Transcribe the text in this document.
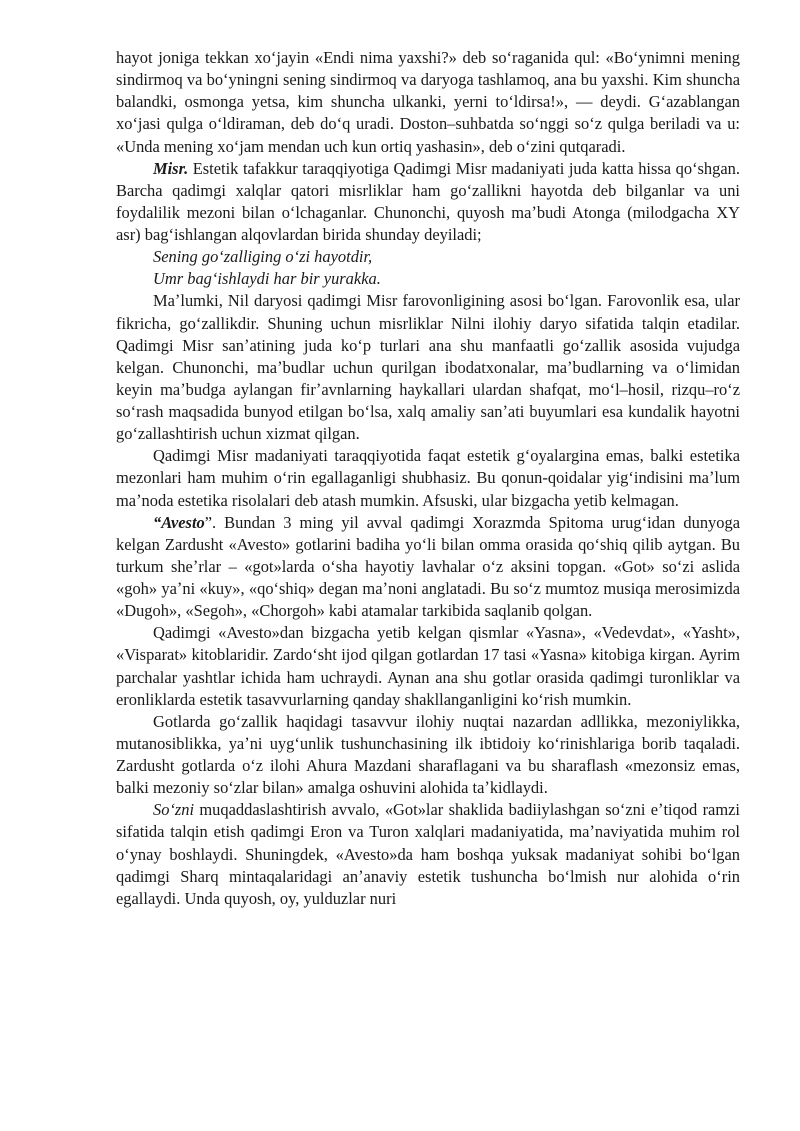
hayot joniga tekkan xoʻjayin «Endi nima yaxshi?» deb soʻraganida qul: «Boʻynimni mening sindirmoq va boʻyningni sening sindirmoq va daryoga tashlamoq, ana bu yaxshi. Kim shuncha balandki, osmonga yetsa, kim shuncha ulkanki, yerni toʻldirsa!», — deydi. Gʻazablangan xoʻjasi qulga oʻldiraman, deb doʻq uradi. Doston–suhbatda soʻnggi soʻz qulga beriladi va u: «Unda mening xoʻjam mendan uch kun ortiq yashasin», deb oʻzini qutqaradi.

Misr. Estetik tafakkur taraqqiyotiga Qadimgi Misr madaniyati juda katta hissa qoʻshgan. Barcha qadimgi xalqlar qatori misrliklar ham goʻzallikni hayotda deb bilganlar va uni foydalilik mezoni bilan oʻlchaganlar. Chunonchi, quyosh maʼbudi Atonga (milodgacha XY asr) bagʻishlangan alqovlardan birida shunday deyiladi;

Sening goʻzalliging oʻzi hayotdir,

Umr bagʻishlaydi har bir yurakka.

Maʼlumki, Nil daryosi qadimgi Misr farovonligining asosi boʻlgan. Farovonlik esa, ular fikricha, goʻzallikdir. Shuning uchun misrliklar Nilni ilohiy daryo sifatida talqin etadilar. Qadimgi Misr sanʼatining juda koʻp turlari ana shu manfaatli goʻzallik asosida vujudga kelgan. Chunonchi, maʼbudlar uchun qurilgan ibodatxonalar, maʼbudlarning va oʻlimidan keyin maʼbudga aylangan firʼavnlarning haykallari ulardan shafqat, moʻl–hosil, rizqu–roʻz soʻrash maqsadida bunyod etilgan boʻlsa, xalq amaliy sanʼati buyumlari esa kundalik hayotni goʻzallashtirish uchun xizmat qilgan.

Qadimgi Misr madaniyati taraqqiyotida faqat estetik gʻoyalargina emas, balki estetika mezonlari ham muhim oʻrin egallaganligi shubhasiz. Bu qonun-qoidalar yigʻindisini maʼlum maʼnoda estetika risolalari deb atash mumkin. Afsuski, ular bizgacha yetib kelmagan.

“Avesto”. Bundan 3 ming yil avval qadimgi Xorazmda Spitoma urugʻidan dunyoga kelgan Zardusht «Avesto» gotlarini badiha yoʻli bilan omma orasida qoʻshiq qilib aytgan. Bu turkum sheʼrlar – «got»larda oʻsha hayotiy lavhalar oʻz aksini topgan. «Got» soʻzi aslida «goh» yaʼni «kuy», «qoʻshiq» degan maʼnoni anglatadi. Bu soʻz mumtoz musiqa merosimizda «Dugoh», «Segoh», «Chorgoh» kabi atamalar tarkibida saqlanib qolgan.

Qadimgi «Avesto»dan bizgacha yetib kelgan qismlar «Yasna», «Vedevdat», «Yasht», «Visparat» kitoblaridir. Zardoʻsht ijod qilgan gotlardan 17 tasi «Yasna» kitobiga kirgan. Ayrim parchalar yashtlar ichida ham uchraydi. Aynan ana shu gotlar orasida qadimgi turonliklar va eronliklarda estetik tasavvurlarning qanday shakllanganligini koʻrish mumkin.

Gotlarda goʻzallik haqidagi tasavvur ilohiy nuqtai nazardan adllikka, mezoniylikka, mutanosiblikka, yaʼni uygʻunlik tushunchasining ilk ibtidoiy koʻrinishlariga borib taqaladi. Zardusht gotlarda oʻz ilohi Ahura Mazdani sharaflagani va bu sharaflash «mezonsiz emas, balki mezoniy soʻzlar bilan» amalga oshuvini alohida taʼkidlaydi.

Soʻzni muqaddaslashtirish avvalo, «Got»lar shaklida badiiylashgan soʻzni eʼtiqod ramzi sifatida talqin etish qadimgi Eron va Turon xalqlari madaniyatida, maʼnaviyatida muhim rol oʻynay boshlaydi. Shuningdek, «Avesto»da ham boshqa yuksak madaniyat sohibi boʻlgan qadimgi Sharq mintaqalaridagi anʼanaviy estetik tushuncha boʻlmish nur alohida oʻrin egallaydi. Unda quyosh, oy, yulduzlar nuri
